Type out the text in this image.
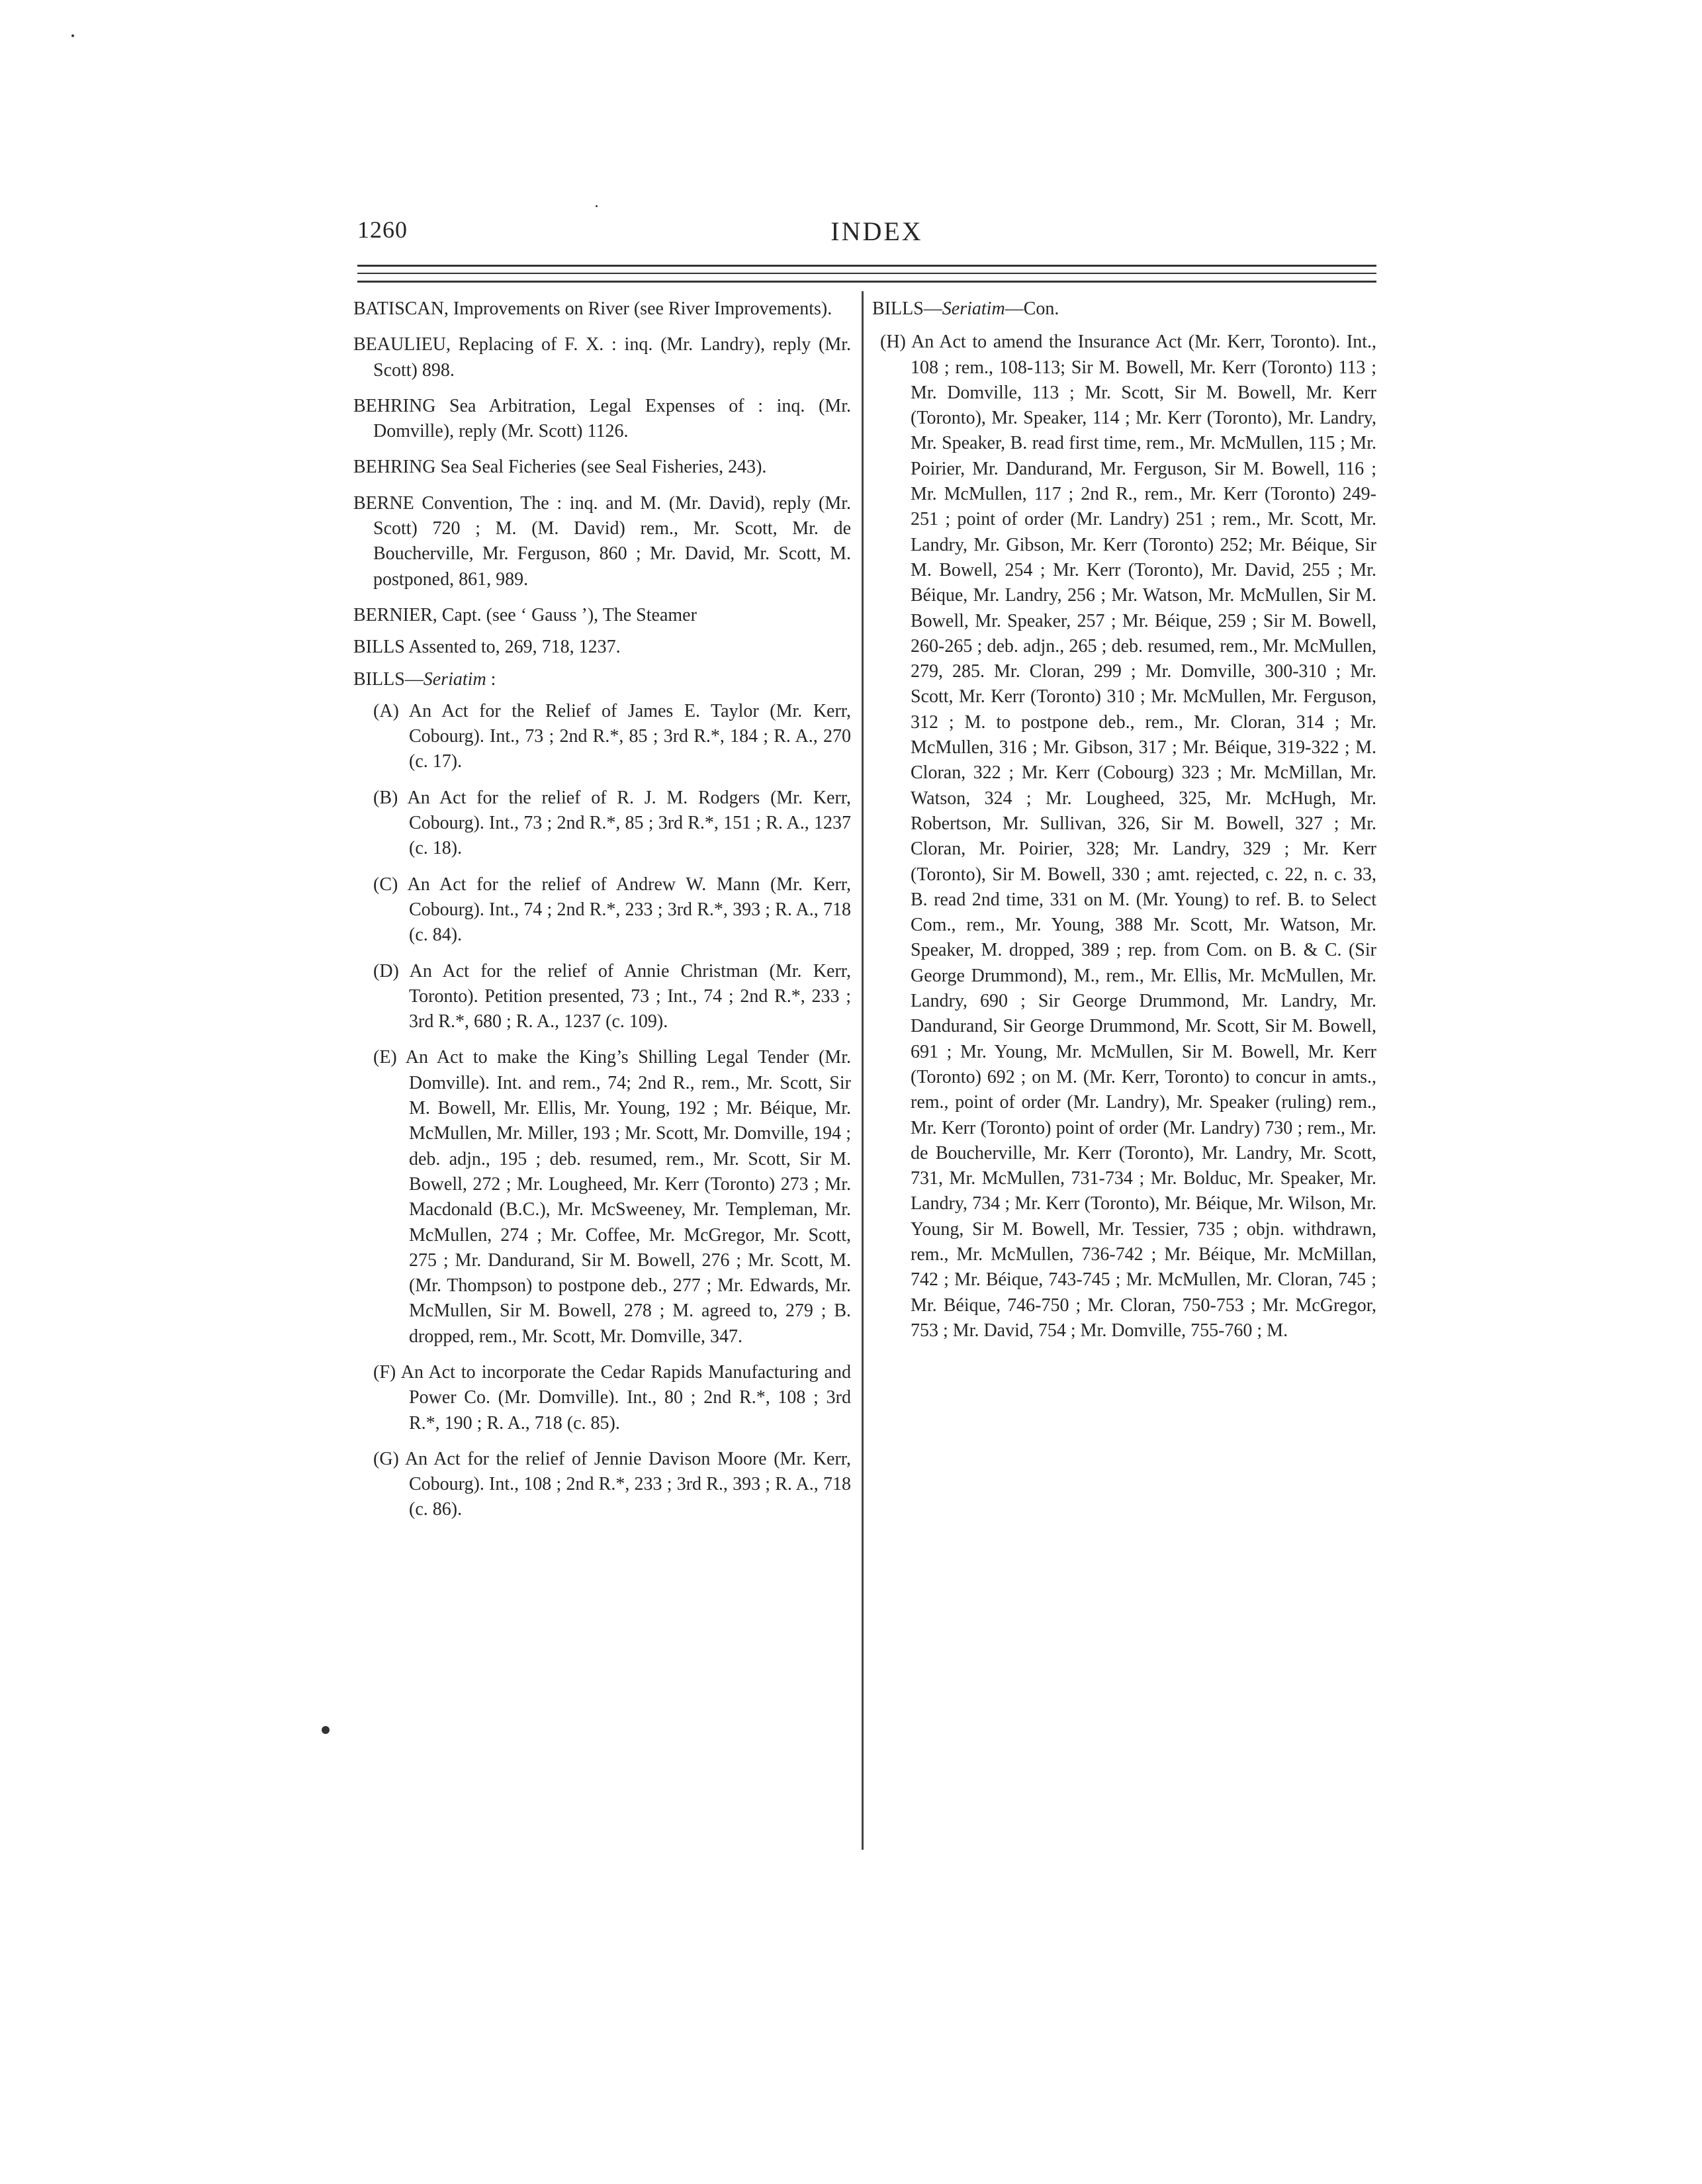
1260	INDEX

BATISCAN, Improvements on River (see River Improvements).

BEAULIEU, Replacing of F. X. : inq. (Mr. Landry), reply (Mr. Scott) 898.

BEHRING Sea Arbitration, Legal Expenses of : inq. (Mr. Domville), reply (Mr. Scott) 1126.

BEHRING Sea Seal Ficheries (see Seal Fisheries, 243).

BERNE Convention, The : inq. and M. (Mr. David), reply (Mr. Scott) 720 ; M. (M. David) rem., Mr. Scott, Mr. de Boucherville, Mr. Ferguson, 860 ; Mr. David, Mr. Scott, M. postponed, 861, 989.

BERNIER, Capt. (see ‘ Gauss ’), The Steamer

BILLS Assented to, 269, 718, 1237.

BILLS—Seriatim :

(A) An Act for the Relief of James E. Taylor (Mr. Kerr, Cobourg). Int., 73 ; 2nd R.*, 85 ; 3rd R.*, 184 ; R. A., 270 (c. 17).

(B) An Act for the relief of R. J. M. Rodgers (Mr. Kerr, Cobourg). Int., 73 ; 2nd R.*, 85 ; 3rd R.*, 151 ; R. A., 1237 (c. 18).

(C) An Act for the relief of Andrew W. Mann (Mr. Kerr, Cobourg). Int., 74 ; 2nd R.*, 233 ; 3rd R.*, 393 ; R. A., 718 (c. 84).

(D) An Act for the relief of Annie Christman (Mr. Kerr, Toronto). Petition presented, 73 ; Int., 74 ; 2nd R.*, 233 ; 3rd R.*, 680 ; R. A., 1237 (c. 109).

(E) An Act to make the King’s Shilling Legal Tender (Mr. Domville). Int. and rem., 74; 2nd R., rem., Mr. Scott, Sir M. Bowell, Mr. Ellis, Mr. Young, 192 ; Mr. Béique, Mr. McMullen, Mr. Miller, 193 ; Mr. Scott, Mr. Domville, 194 ; deb. adjn., 195 ; deb. resumed, rem., Mr. Scott, Sir M. Bowell, 272 ; Mr. Lougheed, Mr. Kerr (Toronto) 273 ; Mr. Macdonald (B.C.), Mr. McSweeney, Mr. Templeman, Mr. McMullen, 274 ; Mr. Coffee, Mr. McGregor, Mr. Scott, 275 ; Mr. Dandurand, Sir M. Bowell, 276 ; Mr. Scott, M. (Mr. Thompson) to postpone deb., 277 ; Mr. Edwards, Mr. McMullen, Sir M. Bowell, 278 ; M. agreed to, 279 ; B. dropped, rem., Mr. Scott, Mr. Domville, 347.

(F) An Act to incorporate the Cedar Rapids Manufacturing and Power Co. (Mr. Domville). Int., 80 ; 2nd R.*, 108 ; 3rd R.*, 190 ; R. A., 718 (c. 85).

(G) An Act for the relief of Jennie Davison Moore (Mr. Kerr, Cobourg). Int., 108 ; 2nd R.*, 233 ; 3rd R., 393 ; R. A., 718 (c. 86).

BILLS—Seriatim—Con.

(H) An Act to amend the Insurance Act (Mr. Kerr, Toronto). Int., 108 ; rem., 108-113; Sir M. Bowell, Mr. Kerr (Toronto) 113 ; Mr. Domville, 113 ; Mr. Scott, Sir M. Bowell, Mr. Kerr (Toronto), Mr. Speaker, 114 ; Mr. Kerr (Toronto), Mr. Landry, Mr. Speaker, B. read first time, rem., Mr. McMullen, 115 ; Mr. Poirier, Mr. Dandurand, Mr. Ferguson, Sir M. Bowell, 116 ; Mr. McMullen, 117 ; 2nd R., rem., Mr. Kerr (Toronto) 249-251 ; point of order (Mr. Landry) 251 ; rem., Mr. Scott, Mr. Landry, Mr. Gibson, Mr. Kerr (Toronto) 252; Mr. Béique, Sir M. Bowell, 254 ; Mr. Kerr (Toronto), Mr. David, 255 ; Mr. Béique, Mr. Landry, 256 ; Mr. Watson, Mr. McMullen, Sir M. Bowell, Mr. Speaker, 257 ; Mr. Béique, 259 ; Sir M. Bowell, 260-265 ; deb. adjn., 265 ; deb. resumed, rem., Mr. McMullen, 279, 285. Mr. Cloran, 299 ; Mr. Domville, 300-310 ; Mr. Scott, Mr. Kerr (Toronto) 310 ; Mr. McMullen, Mr. Ferguson, 312 ; M. to postpone deb., rem., Mr. Cloran, 314 ; Mr. McMullen, 316 ; Mr. Gibson, 317 ; Mr. Béique, 319-322 ; M. Cloran, 322 ; Mr. Kerr (Cobourg) 323 ; Mr. McMillan, Mr. Watson, 324 ; Mr. Lougheed, 325, Mr. McHugh, Mr. Robertson, Mr. Sullivan, 326, Sir M. Bowell, 327 ; Mr. Cloran, Mr. Poirier, 328; Mr. Landry, 329 ; Mr. Kerr (Toronto), Sir M. Bowell, 330 ; amt. rejected, c. 22, n. c. 33, B. read 2nd time, 331 on M. (Mr. Young) to ref. B. to Select Com., rem., Mr. Young, 388 Mr. Scott, Mr. Watson, Mr. Speaker, M. dropped, 389 ; rep. from Com. on B. & C. (Sir George Drummond), M., rem., Mr. Ellis, Mr. McMullen, Mr. Landry, 690 ; Sir George Drummond, Mr. Landry, Mr. Dandurand, Sir George Drummond, Mr. Scott, Sir M. Bowell, 691 ; Mr. Young, Mr. McMullen, Sir M. Bowell, Mr. Kerr (Toronto) 692 ; on M. (Mr. Kerr, Toronto) to concur in amts., rem., point of order (Mr. Landry), Mr. Speaker (ruling) rem., Mr. Kerr (Toronto) point of order (Mr. Landry) 730 ; rem., Mr. de Boucherville, Mr. Kerr (Toronto), Mr. Landry, Mr. Scott, 731, Mr. McMullen, 731-734 ; Mr. Bolduc, Mr. Speaker, Mr. Landry, 734 ; Mr. Kerr (Toronto), Mr. Béique, Mr. Wilson, Mr. Young, Sir M. Bowell, Mr. Tessier, 735 ; objn. withdrawn, rem., Mr. McMullen, 736-742 ; Mr. Béique, Mr. McMillan, 742 ; Mr. Béique, 743-745 ; Mr. McMullen, Mr. Cloran, 745 ; Mr. Béique, 746-750 ; Mr. Cloran, 750-753 ; Mr. McGregor, 753 ; Mr. David, 754 ; Mr. Domville, 755-760 ; M.
